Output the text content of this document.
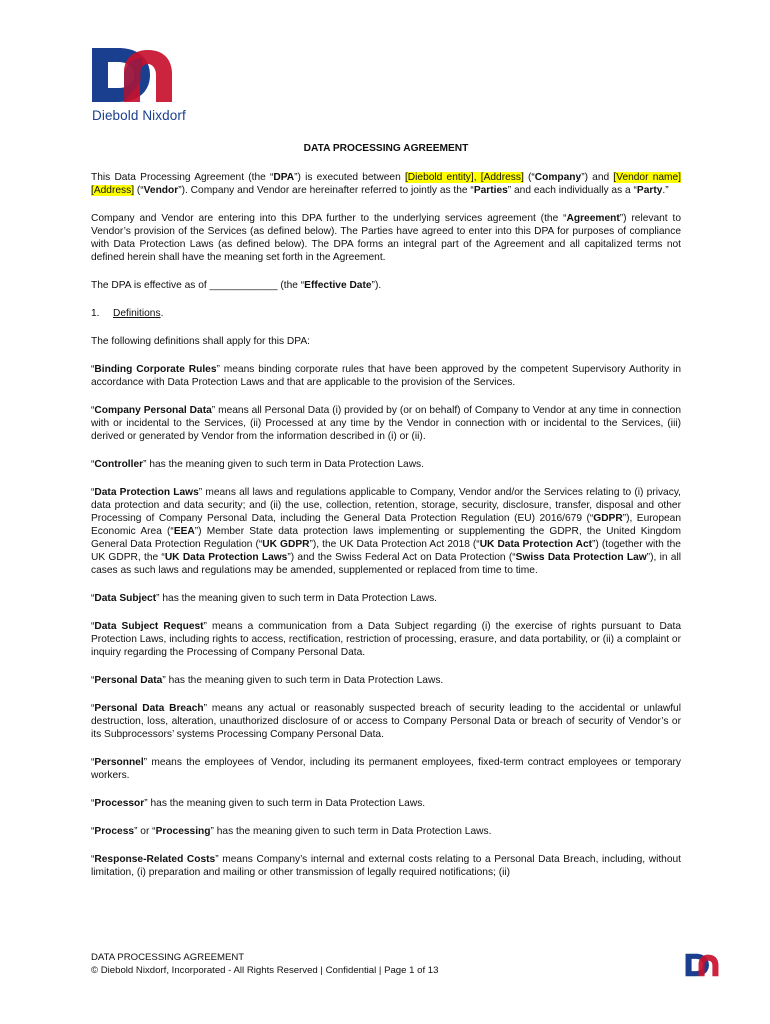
Diebold Nixdorf
DATA PROCESSING AGREEMENT

This Data Processing Agreement (the “DPA”) is executed between [Diebold entity], [Address] (“Company”) and [Vendor name] [Address] (“Vendor”). Company and Vendor are hereinafter referred to jointly as the “Parties” and each individually as a “Party.”

Company and Vendor are entering into this DPA further to the underlying services agreement (the “Agreement”) relevant to Vendor’s provision of the Services (as defined below). The Parties have agreed to enter into this DPA for purposes of compliance with Data Protection Laws (as defined below). The DPA forms an integral part of the Agreement and all capitalized terms not defined herein shall have the meaning set forth in the Agreement.

The DPA is effective as of ____________ (the “Effective Date”).

1. Definitions.

The following definitions shall apply for this DPA:

“Binding Corporate Rules” means binding corporate rules that have been approved by the competent Supervisory Authority in accordance with Data Protection Laws and that are applicable to the provision of the Services.

“Company Personal Data” means all Personal Data (i) provided by (or on behalf) of Company to Vendor at any time in connection with or incidental to the Services, (ii) Processed at any time by the Vendor in connection with or incidental to the Services, (iii) derived or generated by Vendor from the information described in (i) or (ii).

“Controller” has the meaning given to such term in Data Protection Laws.

“Data Protection Laws” means all laws and regulations applicable to Company, Vendor and/or the Services relating to (i) privacy, data protection and data security; and (ii) the use, collection, retention, storage, security, disclosure, transfer, disposal and other Processing of Company Personal Data, including the General Data Protection Regulation (EU) 2016/679 (“GDPR”), European Economic Area (“EEA”) Member State data protection laws implementing or supplementing the GDPR, the United Kingdom General Data Protection Regulation (“UK GDPR”), the UK Data Protection Act 2018 (“UK Data Protection Act”) (together with the UK GDPR, the “UK Data Protection Laws”) and the Swiss Federal Act on Data Protection (“Swiss Data Protection Law”), in all cases as such laws and regulations may be amended, supplemented or replaced from time to time.

“Data Subject” has the meaning given to such term in Data Protection Laws.

“Data Subject Request” means a communication from a Data Subject regarding (i) the exercise of rights pursuant to Data Protection Laws, including rights to access, rectification, restriction of processing, erasure, and data portability, or (ii) a complaint or inquiry regarding the Processing of Company Personal Data.

“Personal Data” has the meaning given to such term in Data Protection Laws.

“Personal Data Breach” means any actual or reasonably suspected breach of security leading to the accidental or unlawful destruction, loss, alteration, unauthorized disclosure of or access to Company Personal Data or breach of security of Vendor’s or its Subprocessors’ systems Processing Company Personal Data.

“Personnel” means the employees of Vendor, including its permanent employees, fixed-term contract employees or temporary workers.

“Processor” has the meaning given to such term in Data Protection Laws.

“Process” or “Processing” has the meaning given to such term in Data Protection Laws.

“Response-Related Costs” means Company’s internal and external costs relating to a Personal Data Breach, including, without limitation, (i) preparation and mailing or other transmission of legally required notifications; (ii)

DATA PROCESSING AGREEMENT
© Diebold Nixdorf, Incorporated - All Rights Reserved | Confidential | Page 1 of 13
